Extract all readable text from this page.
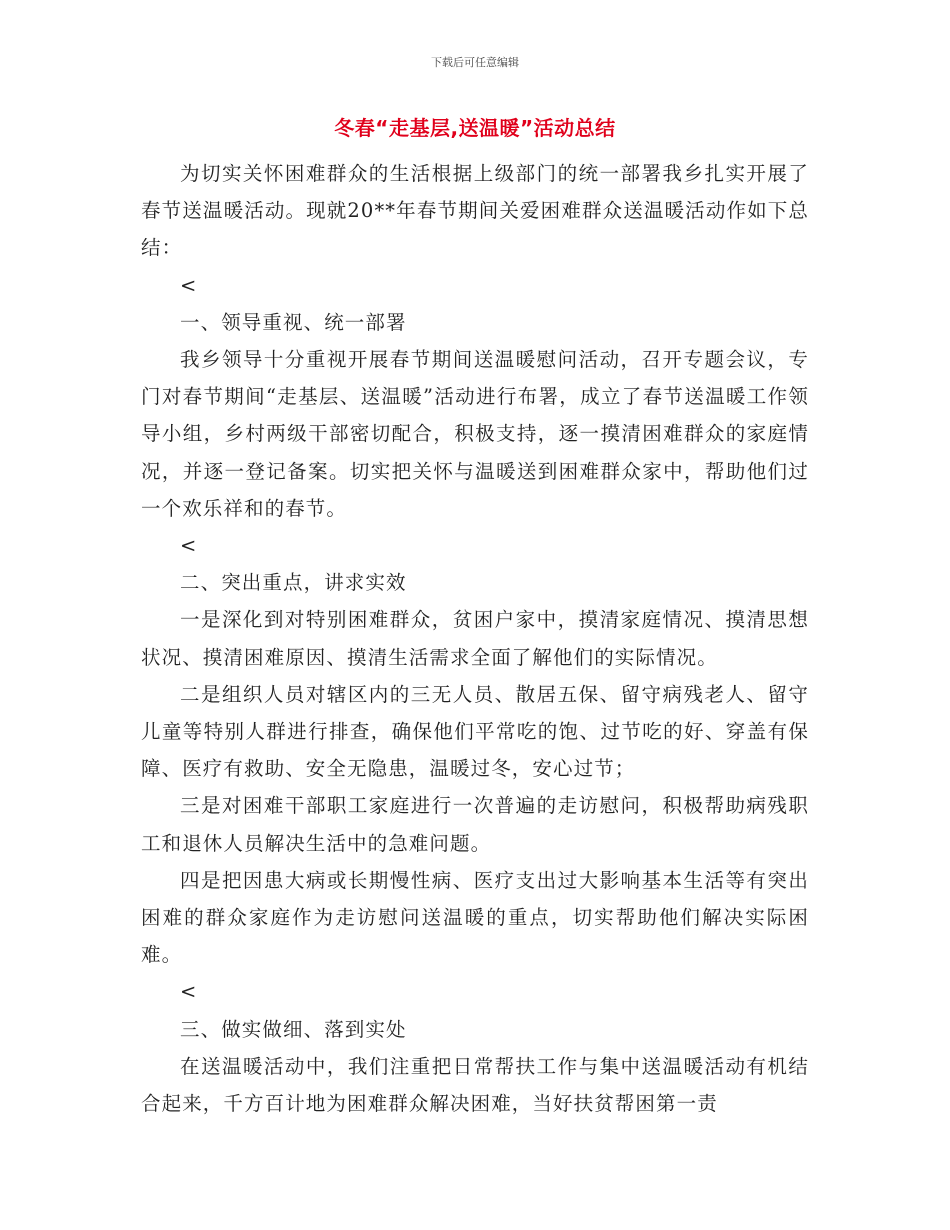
下载后可任意编辑
冬春“走基层,送温暖”活动总结

为切实关怀困难群众的生活根据上级部门的统一部署我乡扎实开展了春节送温暖活动。现就20**年春节期间关爱困难群众送温暖活动作如下总结：

<

一、领导重视、统一部署

我乡领导十分重视开展春节期间送温暖慰问活动，召开专题会议，专门对春节期间“走基层、送温暖”活动进行布署，成立了春节送温暖工作领导小组，乡村两级干部密切配合，积极支持，逐一摸清困难群众的家庭情况，并逐一登记备案。切实把关怀与温暖送到困难群众家中，帮助他们过一个欢乐祥和的春节。

<

二、突出重点，讲求实效

一是深化到对特别困难群众，贫困户家中，摸清家庭情况、摸清思想状况、摸清困难原因、摸清生活需求全面了解他们的实际情况。

二是组织人员对辖区内的三无人员、散居五保、留守病残老人、留守儿童等特别人群进行排查，确保他们平常吃的饱、过节吃的好、穿盖有保障、医疗有救助、安全无隐患，温暖过冬，安心过节；

三是对困难干部职工家庭进行一次普遍的走访慰问，积极帮助病残职工和退休人员解决生活中的急难问题。

四是把因患大病或长期慢性病、医疗支出过大影响基本生活等有突出困难的群众家庭作为走访慰问送温暖的重点，切实帮助他们解决实际困难。

<

三、做实做细、落到实处

在送温暖活动中，我们注重把日常帮扶工作与集中送温暖活动有机结合起来，千方百计地为困难群众解决困难，当好扶贫帮困第一责
